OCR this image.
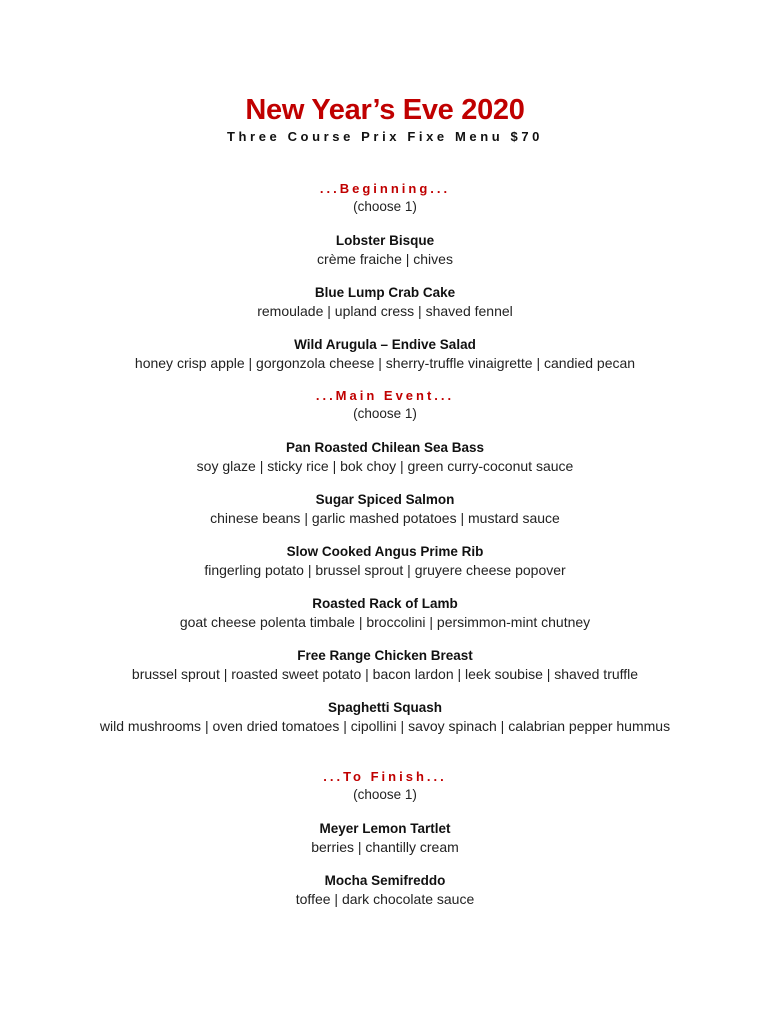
New Year’s Eve 2020
Three Course Prix Fixe Menu $70
...Beginning...
(choose 1)
Lobster Bisque
crème fraiche | chives
Blue Lump Crab Cake
remoulade | upland cress | shaved fennel
Wild Arugula – Endive Salad
honey crisp apple | gorgonzola cheese | sherry-truffle vinaigrette | candied pecan
...Main Event...
(choose 1)
Pan Roasted Chilean Sea Bass
soy glaze | sticky rice | bok choy | green curry-coconut sauce
Sugar Spiced Salmon
chinese beans | garlic mashed potatoes | mustard sauce
Slow Cooked Angus Prime Rib
fingerling potato | brussel sprout | gruyere cheese popover
Roasted Rack of Lamb
goat cheese polenta timbale | broccolini | persimmon-mint chutney
Free Range Chicken Breast
brussel sprout | roasted sweet potato | bacon lardon | leek soubise | shaved truffle
Spaghetti Squash
wild mushrooms | oven dried tomatoes | cipollini | savoy spinach | calabrian pepper hummus
...To Finish...
(choose 1)
Meyer Lemon Tartlet
berries | chantilly cream
Mocha Semifreddo
toffee | dark chocolate sauce
